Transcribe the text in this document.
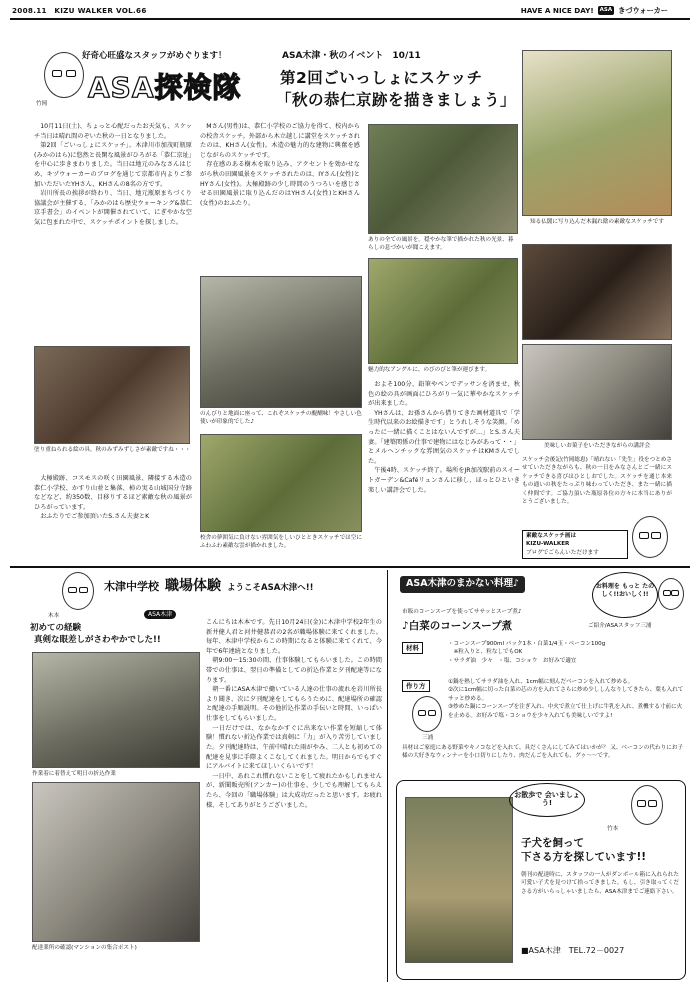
2008.11　KIZU WALKER VOL.66	HAVE A NICE DAY!	ASA きづウォーカー
竹岡
好奇心旺盛なスタッフがめぐります！
ASA探検隊
ASA木津・秋のイベント　10/11
第2回ごいっしょにスケッチ
「秋の恭仁京跡を描きましょう」

10月11日(土)、ちょっと心配だったお天気も、スケッチ当日は晴れ間のぞいた秋の一日となりました。

第2回「ごいっしょにスケッチ」。木津川市加茂町瓶原(みかのはら)に悠然と長閑な風景がひろがる「恭仁京址」を中心に歩きまわりました。当日は地元のみなさんはじめ、キヅウォーカーのブログを通じて京都市内よりご参加いただいたYHさん、KHさんの8名の方です。

岩川所長の挨拶が終わり、当日、地元瓶原まちづくり協議会が主催する、「みかのはら歴史ウォーキング&恭仁京手書会」のイベントが開催されていて、にぎやかな空気に包まれた中で、スケッチポイントを探しました。

塗り重ねられる絵の具。秋のみずみずしさが素敵ですね・・・

大極殿跡、コスモスの咲く田園風景、隣接する木造の恭仁小学校、かすり山並と集落、柿の実る山城国分寺跡などなど、約350数、目移りするほど素敵な秋の風景がひろがっています。

おふたりでご参加頂いたS.さん夫妻とK

Mさん(男性)は、恭仁小学校のご協力を得て、校内からの校舎スケッチ。外部から木立越しに講堂をスケッチされたのは、KHさん(女性)。木造の魅力的な建物に興奮を感じながらのスケッチです。

存在感のある樹木を取り込み、アクセントを効かせながら秋の田園風景をスケッチされたのは、IYさん(女性)とHYさん(女性)。大極殿跡の少し時間のうつろいを感じさせる田園風景に取り込んだのはYHさん(女性)とKHさん(女性)のおふたり。

のんびりと地面に座って、これぞスケッチの醍醐味！やさしい色使いが印象的でした♪
校舎の夢囲気に負けない雰囲気をしいひとときスケッチでは空にふわふわ素敵な雲が描かれました。
ありの全ての風景を。穏やかな筆で描かれた秋の光景、暮らしの息づかいが聞こえます。
魅力的なアングルに、のびのびと筆が運びます。

およそ100分、鉛筆やペンでデッサンを済ませ、秋色の絵の具が画面にひろがり一気に華やかなスケッチが出来ました。

YHさんは、お孫さんから借りてきた画材道具で「学生時代以来のお絵描きです」とうれしそうな笑顔。「めったに一緒に描くことはないんですが…」とS.さん夫妻。「建築関係の仕事で建物にはなじみがあって・・」とメルヘンチックな雰囲気のスケッチはKMさんでした。

午後4時、スケッチ終了。場所をJR加茂駅前のスイートガーデン&Caféリュンさんに移し、ほっとひといき楽しい講評会でした。

知る仏閣に写り込んだ木漏れ陰の素敵なスケッチです
美味しいお菓子をいただきながらの講評会
スケッチ会後記(竹岡総恵)「晴れない「先生」役をつとめさせていただきながらも、秋の一日をみなさんとご一緒にスケッチできる喜びはひとしおでした。スケッチを通じ本来もの通いの秋をたっぷり味わっていただき、また一緒に描く仲間です。ご協力頂いた瓶原各位の方々に本当にありがとうございました。
素敵なスケッチ画は
KIZU-WALKER
ブログでごらんいただけます
木本
木津中学校 職場体験 ようこそASA木津へ!!
ASA木津
初めての経験
真剣な眼差しがさわやかでした!!
作業着に着替えて明日の折込作業
配達業所の確認(マンションの集合ポスト)

こんにちは木本です。先日10月24日(金)に木津中学校2年生の新井健人君と河井健恭君の2名が職場体験に来てくれました。毎年、木津中学校からこの時期になると体験に来てくれて、今年で6年連続となりました。

朝9:00～15:30の間、仕事体験してもらいました。この時間帯での仕事は、翌日の準備としての折込作業と夕刊配達等になります。

朝一番にASA木津で働いている人達の仕事の流れを岩川所長より聞き、次に夕刊配達をしてもらうために、配達場所の確認と配達の手順説明。その他折込作業の手伝いと時間、いっぱい仕事をしてもらいました。

一日だけでは、なかなかすぐに出来ない作業を短縮して体験！慣れない折込作業では真剣に「力」が入り苦労していました。夕刊配達時は、午前中晴れた雨がやみ、二人とも初めての配達を見事に手際よくこなしてくれました。明日からでもすぐにアルバイトに来てほしいくらいです！

一日中、あれこれ慣れないことをして疲れたかもしれませんが、新聞販売所(アンカー)の仕事を、少しでも理解してもらえたら、今回の「職場体験」は大成功だったと思います。お疲れ様、そしてありがとうございました。

ASA木津のまかない料理♪	お料理を もっと たのしく!!おいしく!!
市販のコーンスープを使ってササッとスープ煮♪
♪白菜のコーンスープ煮	ご紹介/ASAスタッフ三浦
材料	・コーンスープ900ml パック1本・白菜1/4玉・ベーコン100g
　※粒入りと、粒なしでもOK
・サラダ油　少々　・塩、コショウ　お好みで適宜
作り方
三浦
①鍋を熱してサラダ油を入れ、1cm幅に刻んだベーコンを入れて炒める。
②次に1cm幅に切った白菜の芯の方を入れてさらに炒め少ししんなりしてきたら、葉も入れてサッと炒める。
③炒めた鍋にコーンスープを注ぎ入れ、中火で煮立て仕上げに牛乳を入れ、煮機する寸前に火を止める。お好みで塩・コショウを少々入れても美味しいですよ!
具材はご家庭にある野菜やキノコなどを入れて、具だくさんにしてみてはいかが？ 又、ベーコンの代わりにお子様の大好きなウィンナーを小口切りにしたり、肉だんごを入れても、グゥ～～です。
お散歩で 会いましょう!
竹本
子犬を飼って
下さる方を探しています!!
朝刊の配達時に、スタッフの一人がダンボール箱に入れられた可愛い子犬を見つけて拾ってきました。もし、引き取ってくださる方がいらっしゃいましたら、ASA木津までご連絡下さい。
■ASA木津　TEL.72－0027
